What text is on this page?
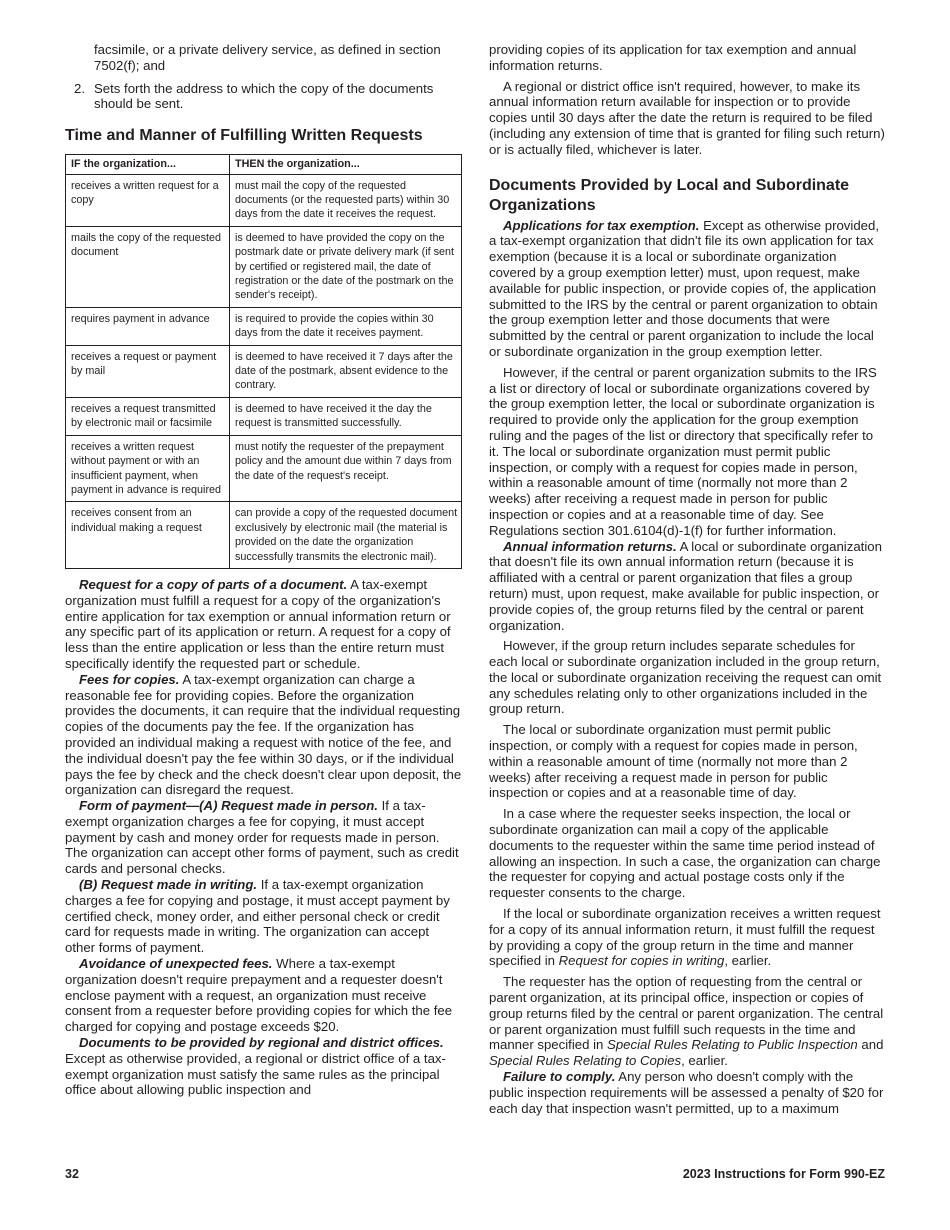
facsimile, or a private delivery service, as defined in section 7502(f); and

2. Sets forth the address to which the copy of the documents should be sent.
Time and Manner of Fulfilling Written Requests
IF the organization...	THEN the organization...
receives a written request for a copy	must mail the copy of the requested documents (or the requested parts) within 30 days from the date it receives the request.
mails the copy of the requested document	is deemed to have provided the copy on the postmark date or private delivery mark (if sent by certified or registered mail, the date of registration or the date of the postmark on the sender's receipt).
requires payment in advance	is required to provide the copies within 30 days from the date it receives payment.
receives a request or payment by mail	is deemed to have received it 7 days after the date of the postmark, absent evidence to the contrary.
receives a request transmitted by electronic mail or facsimile	is deemed to have received it the day the request is transmitted successfully.
receives a written request without payment or with an insufficient payment, when payment in advance is required	must notify the requester of the prepayment policy and the amount due within 7 days from the date of the request's receipt.
receives consent from an individual making a request	can provide a copy of the requested document exclusively by electronic mail (the material is provided on the date the organization successfully transmits the electronic mail).

Request for a copy of parts of a document. A tax-exempt organization must fulfill a request for a copy of the organization's entire application for tax exemption or annual information return or any specific part of its application or return. A request for a copy of less than the entire application or less than the entire return must specifically identify the requested part or schedule.

Fees for copies. A tax-exempt organization can charge a reasonable fee for providing copies. Before the organization provides the documents, it can require that the individual requesting copies of the documents pay the fee. If the organization has provided an individual making a request with notice of the fee, and the individual doesn't pay the fee within 30 days, or if the individual pays the fee by check and the check doesn't clear upon deposit, the organization can disregard the request.

Form of payment—(A) Request made in person. If a tax-exempt organization charges a fee for copying, it must accept payment by cash and money order for requests made in person. The organization can accept other forms of payment, such as credit cards and personal checks.

(B) Request made in writing. If a tax-exempt organization charges a fee for copying and postage, it must accept payment by certified check, money order, and either personal check or credit card for requests made in writing. The organization can accept other forms of payment.

Avoidance of unexpected fees. Where a tax-exempt organization doesn't require prepayment and a requester doesn't enclose payment with a request, an organization must receive consent from a requester before providing copies for which the fee charged for copying and postage exceeds $20.

Documents to be provided by regional and district offices. Except as otherwise provided, a regional or district office of a tax-exempt organization must satisfy the same rules as the principal office about allowing public inspection and

providing copies of its application for tax exemption and annual information returns.

A regional or district office isn't required, however, to make its annual information return available for inspection or to provide copies until 30 days after the date the return is required to be filed (including any extension of time that is granted for filing such return) or is actually filed, whichever is later.

Documents Provided by Local and Subordinate Organizations

Applications for tax exemption. Except as otherwise provided, a tax-exempt organization that didn't file its own application for tax exemption (because it is a local or subordinate organization covered by a group exemption letter) must, upon request, make available for public inspection, or provide copies of, the application submitted to the IRS by the central or parent organization to obtain the group exemption letter and those documents that were submitted by the central or parent organization to include the local or subordinate organization in the group exemption letter.

However, if the central or parent organization submits to the IRS a list or directory of local or subordinate organizations covered by the group exemption letter, the local or subordinate organization is required to provide only the application for the group exemption ruling and the pages of the list or directory that specifically refer to it. The local or subordinate organization must permit public inspection, or comply with a request for copies made in person, within a reasonable amount of time (normally not more than 2 weeks) after receiving a request made in person for public inspection or copies and at a reasonable time of day. See Regulations section 301.6104(d)-1(f) for further information.

Annual information returns. A local or subordinate organization that doesn't file its own annual information return (because it is affiliated with a central or parent organization that files a group return) must, upon request, make available for public inspection, or provide copies of, the group returns filed by the central or parent organization.

However, if the group return includes separate schedules for each local or subordinate organization included in the group return, the local or subordinate organization receiving the request can omit any schedules relating only to other organizations included in the group return.

The local or subordinate organization must permit public inspection, or comply with a request for copies made in person, within a reasonable amount of time (normally not more than 2 weeks) after receiving a request made in person for public inspection or copies and at a reasonable time of day.

In a case where the requester seeks inspection, the local or subordinate organization can mail a copy of the applicable documents to the requester within the same time period instead of allowing an inspection. In such a case, the organization can charge the requester for copying and actual postage costs only if the requester consents to the charge.

If the local or subordinate organization receives a written request for a copy of its annual information return, it must fulfill the request by providing a copy of the group return in the time and manner specified in Request for copies in writing, earlier.

The requester has the option of requesting from the central or parent organization, at its principal office, inspection or copies of group returns filed by the central or parent organization. The central or parent organization must fulfill such requests in the time and manner specified in Special Rules Relating to Public Inspection and Special Rules Relating to Copies, earlier.

Failure to comply. Any person who doesn't comply with the public inspection requirements will be assessed a penalty of $20 for each day that inspection wasn't permitted, up to a maximum

32	2023 Instructions for Form 990-EZ
